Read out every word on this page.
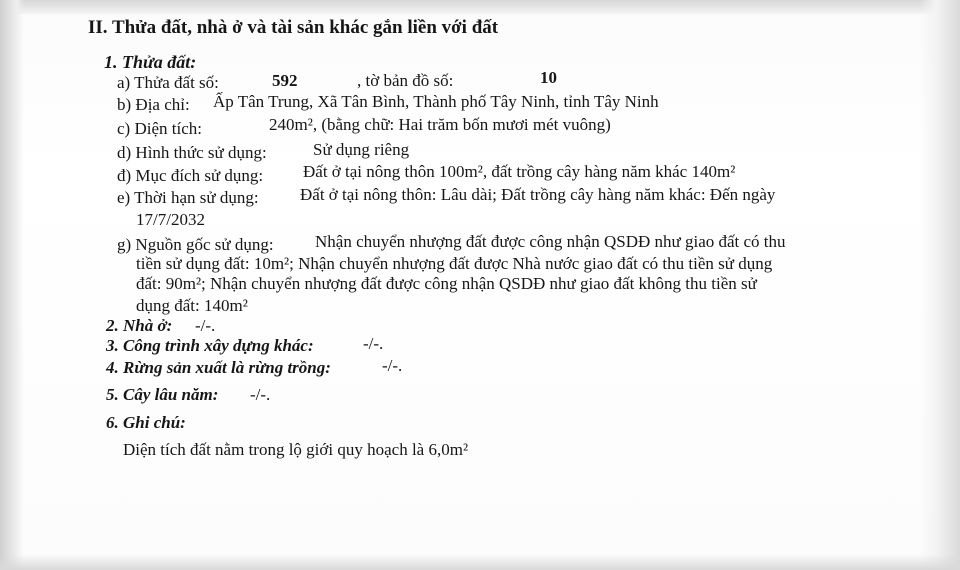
II. Thửa đất, nhà ở và tài sản khác gắn liền với đất
1. Thửa đất:
a) Thửa đất số:	592	, tờ bản đồ số:	10
b) Địa chỉ: Ấp Tân Trung, Xã Tân Bình, Thành phố Tây Ninh, tỉnh Tây Ninh
c) Diện tích:	240m², (bằng chữ: Hai trăm bốn mươi mét vuông)
d) Hình thức sử dụng:	Sử dụng riêng
đ) Mục đích sử dụng: Đất ở tại nông thôn 100m², đất trồng cây hàng năm khác 140m²
e) Thời hạn sử dụng: Đất ở tại nông thôn: Lâu dài; Đất trồng cây hàng năm khác: Đến ngày
17/7/2032
g) Nguồn gốc sử dụng: Nhận chuyển nhượng đất được công nhận QSDĐ như giao đất có thu
tiền sử dụng đất: 10m²; Nhận chuyển nhượng đất được Nhà nước giao đất có thu tiền sử dụng
đất: 90m²; Nhận chuyển nhượng đất được công nhận QSDĐ như giao đất không thu tiền sử
dụng đất: 140m²
2. Nhà ở: -/-.
3. Công trình xây dựng khác:	-/-.
4. Rừng sản xuất là rừng trồng:	-/-.
5. Cây lâu năm: -/-.
6. Ghi chú:
Diện tích đất nằm trong lộ giới quy hoạch là 6,0m²
